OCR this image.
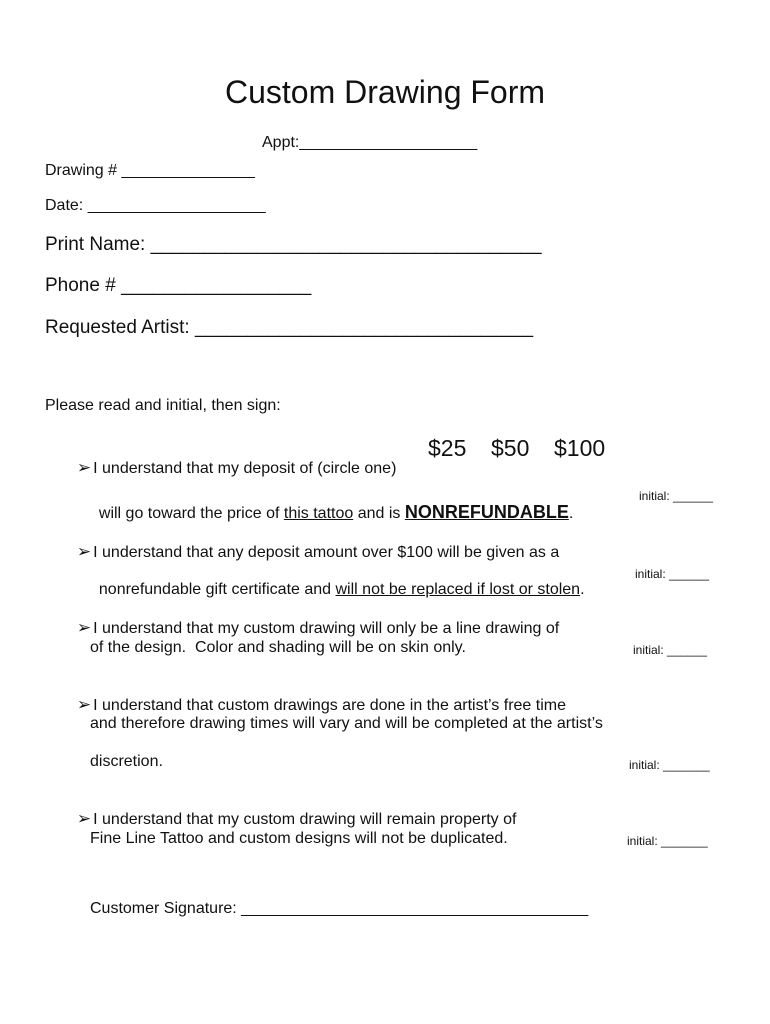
Custom Drawing Form
Appt:____________________
Drawing # _______________
Date: ____________________
Print Name: _____________________________________
Phone # __________________
Requested Artist: ________________________________
Please read and initial, then sign:

➢ I understand that my deposit of (circle one)

$25 $50 $100

will go toward the price of this tattoo and is NONREFUNDABLE.

initial: ______

➢ I understand that any deposit amount over $100 will be given as a

nonrefundable gift certificate and will not be replaced if lost or stolen.

initial: ______

➢ I understand that my custom drawing will only be a line drawing of

of the design.  Color and shading will be on skin only.	initial: ______

➢ I understand that custom drawings are done in the artist’s free time

and therefore drawing times will vary and will be completed at the artist’s
discretion.	initial: _______

➢ I understand that my custom drawing will remain property of

Fine Line Tattoo and custom designs will not be duplicated.	initial: _______
Customer Signature: _______________________________________
